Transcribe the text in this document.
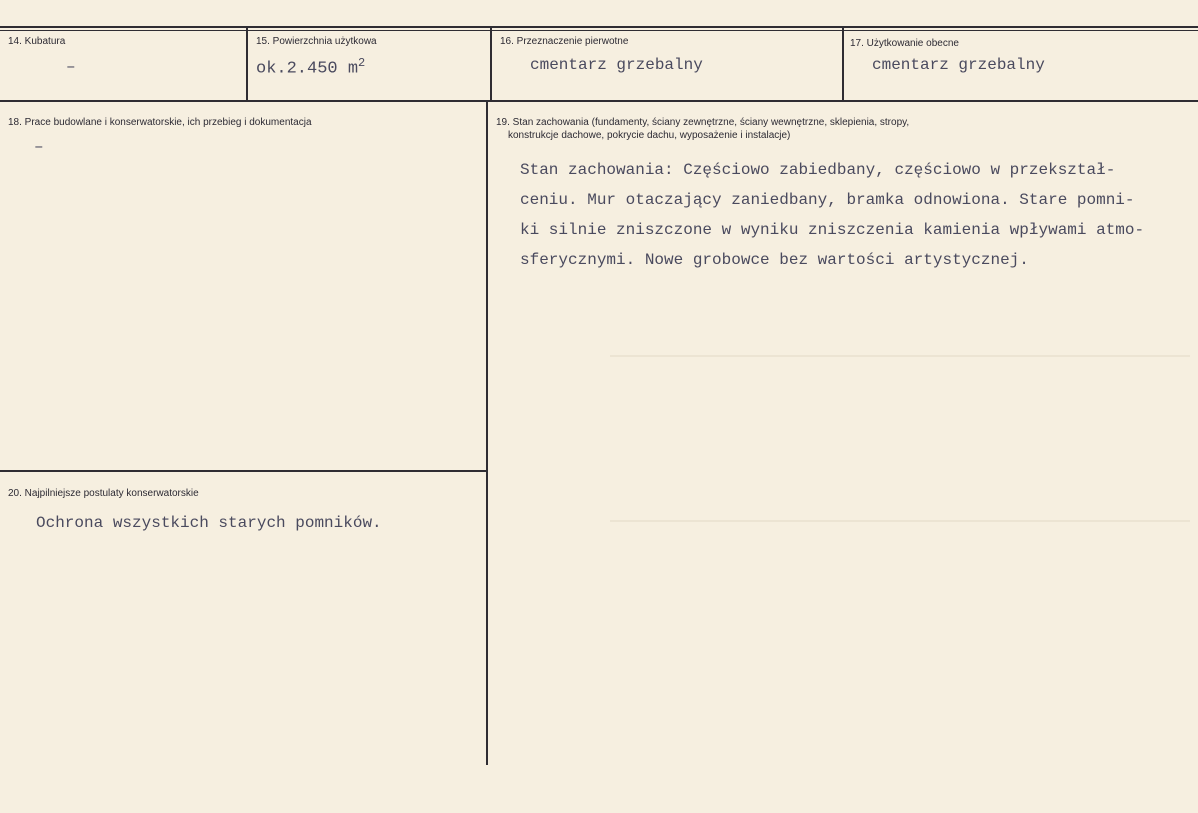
14. Kubatura
–
15. Powierzchnia użytkowa
ok.2.450 $m^2$
16. Przeznaczenie pierwotne
cmentarz grzebalny
17. Użytkowanie obecne
cmentarz grzebalny
18. Prace budowlane i konserwatorskie, ich przebieg i dokumentacja
–
19. Stan zachowania (fundamenty, ściany zewnętrzne, ściany wewnętrzne, sklepienia, stropy,
konstrukcje dachowe, pokrycie dachu, wyposażenie i instalacje)
Stan zachowania: Częściowo zabiedbany, częściowo w przekształ-
ceniu. Mur otaczający zaniedbany, bramka odnowiona. Stare pomni-
ki silnie zniszczone w wyniku zniszczenia kamienia wpływami atmo-
sferycznymi. Nowe grobowce bez wartości artystycznej.
20. Najpilniejsze postulaty konserwatorskie
Ochrona wszystkich starych pomników.
